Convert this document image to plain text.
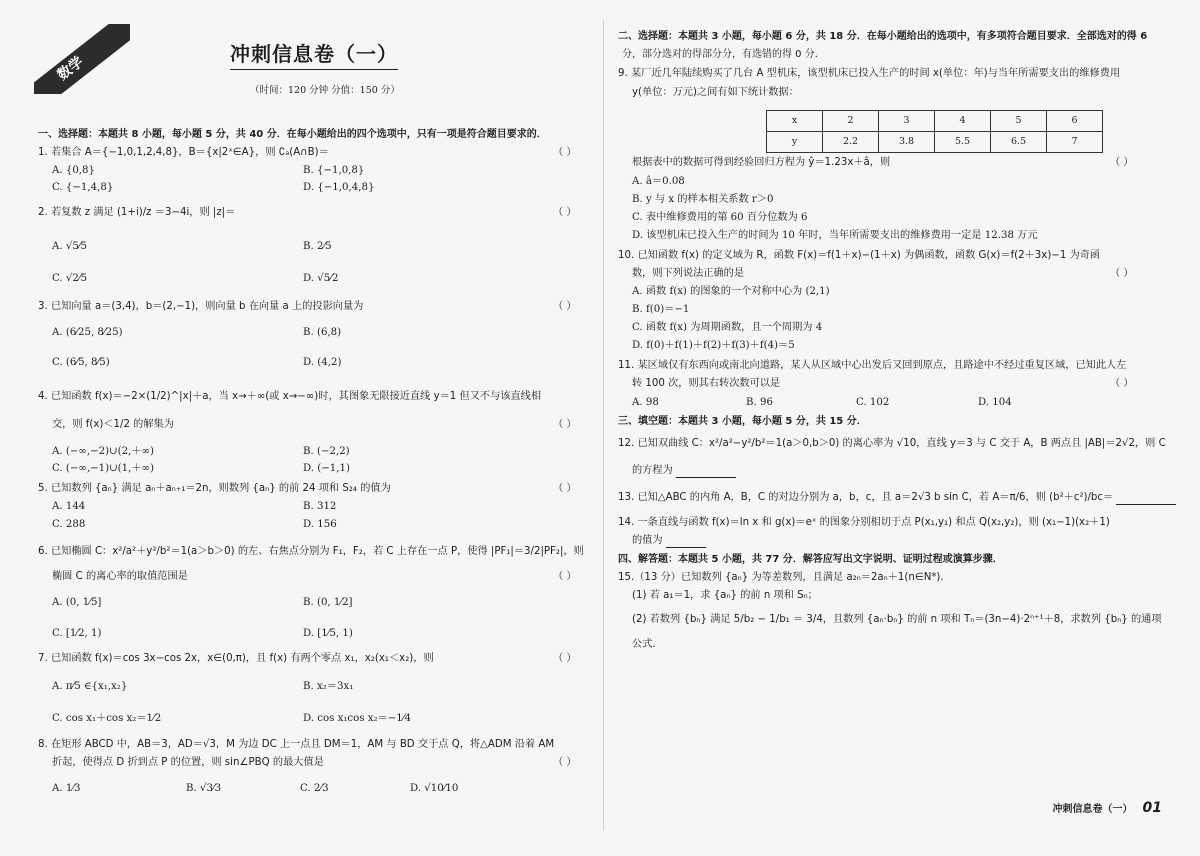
数学	冲刺信息卷（一）
（时间：120 分钟 分值：150 分）
一、选择题：本题共 8 小题，每小题 5 分，共 40 分．在每小题给出的四个选项中，只有一项是符合题目要求的．
1. 若集合 A＝{−1,0,1,2,4,8}，B＝{x|2ˣ∈A}，则 ∁ₐ(A∩B)＝	（ ）
A. {0,8}	B. {−1,0,8}
C. {−1,4,8}	D. {−1,0,4,8}
2. 若复数 z 满足 (1+i)/z ＝3−4i，则 |z|＝	（ ）
A. √5⁄5	B. 2⁄5
C. √2⁄5	D. √5⁄2
3. 已知向量 a＝(3,4)，b＝(2,−1)，则向量 b 在向量 a 上的投影向量为	（ ）
A. (6⁄25, 8⁄25)	B. (6,8)
C. (6⁄5, 8⁄5)	D. (4,2)
4. 已知函数 f(x)＝−2×(1/2)^|x|＋a，当 x→＋∞(或 x→−∞)时，其图象无限接近直线 y＝1 但又不与该直线相
交，则 f(x)＜1/2 的解集为	（ ）
A. (−∞,−2)∪(2,＋∞)	B. (−2,2)
C. (−∞,−1)∪(1,＋∞)	D. (−1,1)
5. 已知数列 {aₙ} 满足 aₙ＋aₙ₊₁＝2n，则数列 {aₙ} 的前 24 项和 S₂₄ 的值为	（ ）
A. 144	B. 312
C. 288	D. 156
6. 已知椭圆 C：x²/a²＋y²/b²＝1(a＞b＞0) 的左、右焦点分别为 F₁，F₂，若 C 上存在一点 P，使得 |PF₁|＝3/2|PF₂|，则
椭圆 C 的离心率的取值范围是	（ ）
A. (0, 1⁄5]	B. (0, 1⁄2]
C. [1⁄2, 1)	D. [1⁄5, 1)
7. 已知函数 f(x)＝cos 3x−cos 2x，x∈(0,π)，且 f(x) 有两个零点 x₁，x₂(x₁＜x₂)，则	（ ）
A. π⁄5 ∈{x₁,x₂}	B. x₂＝3x₁
C. cos x₁＋cos x₂＝1⁄2	D. cos x₁cos x₂＝−1⁄4
8. 在矩形 ABCD 中，AB＝3，AD＝√3，M 为边 DC 上一点且 DM＝1，AM 与 BD 交于点 Q，将△ADM 沿着 AM
折起，使得点 D 折到点 P 的位置，则 sin∠PBQ 的最大值是	（ ）
A. 1⁄3	B. √3⁄3	C. 2⁄3	D. √10⁄10
二、选择题：本题共 3 小题，每小题 6 分，共 18 分．在每小题给出的选项中，有多项符合题目要求．全部选对的得 6
分，部分选对的得部分分，有选错的得 0 分．
9. 某厂近几年陆续购买了几台 A 型机床，该型机床已投入生产的时间 x(单位：年)与当年所需要支出的维修费用
y(单位：万元)之间有如下统计数据：
x	2	3	4	5	6
y	2.2	3.8	5.5	6.5	7
根据表中的数据可得到经验回归方程为 ŷ＝1.23x＋â，则	（ ）
A. â＝0.08
B. y 与 x 的样本相关系数 r＞0
C. 表中维修费用的第 60 百分位数为 6
D. 该型机床已投入生产的时间为 10 年时，当年所需要支出的维修费用一定是 12.38 万元
10. 已知函数 f(x) 的定义域为 R，函数 F(x)＝f(1＋x)−(1＋x) 为偶函数，函数 G(x)＝f(2＋3x)−1 为奇函
数，则下列说法正确的是	（ ）
A. 函数 f(x) 的图象的一个对称中心为 (2,1)
B. f(0)＝−1
C. 函数 f(x) 为周期函数，且一个周期为 4
D. f(0)＋f(1)＋f(2)＋f(3)＋f(4)＝5
11. 某区域仅有东西向或南北向道路，某人从区域中心出发后又回到原点，且路途中不经过重复区域，已知此人左
转 100 次，则其右转次数可以是	（ ）
A. 98	B. 96	C. 102	D. 104
三、填空题：本题共 3 小题，每小题 5 分，共 15 分．
12. 已知双曲线 C：x²/a²−y²/b²＝1(a＞0,b＞0) 的离心率为 √10，直线 y＝3 与 C 交于 A，B 两点且 |AB|＝2√2，则 C
的方程为
13. 已知△ABC 的内角 A，B，C 的对边分别为 a，b，c，且 a＝2√3 b sin C，若 A＝π/6，则 (b²＋c²)/bc＝
14. 一条直线与函数 f(x)＝ln x 和 g(x)＝eˣ 的图象分别相切于点 P(x₁,y₁) 和点 Q(x₂,y₂)，则 (x₁−1)(x₂＋1)
的值为
四、解答题：本题共 5 小题，共 77 分．解答应写出文字说明、证明过程或演算步骤．
15.（13 分）已知数列 {aₙ} 为等差数列，且满足 a₂ₙ＝2aₙ＋1(n∈N*)．
(1) 若 a₁＝1，求 {aₙ} 的前 n 项和 Sₙ；
(2) 若数列 {bₙ} 满足 5/b₂ − 1/b₁ ＝ 3/4，且数列 {aₙ·bₙ} 的前 n 项和 Tₙ＝(3n−4)·2ⁿ⁺¹＋8，求数列 {bₙ} 的通项
公式．
冲刺信息卷（一） 01
